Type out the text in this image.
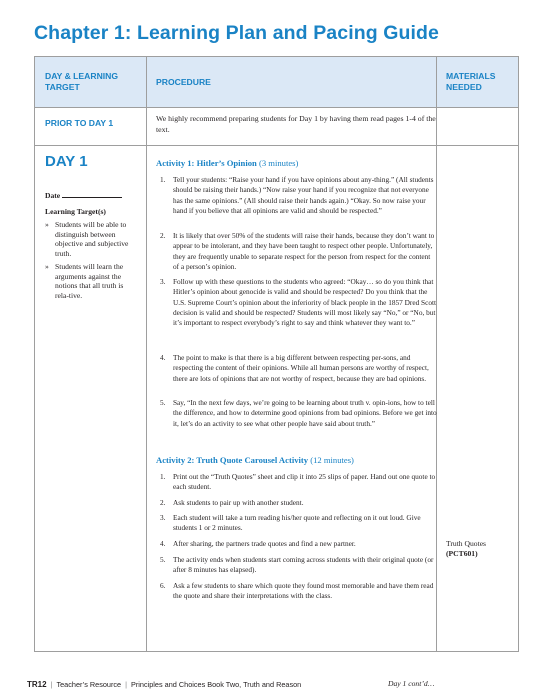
Chapter 1: Learning Plan and Pacing Guide
DAY & LEARNING TARGET
PROCEDURE
MATERIALS NEEDED
PRIOR TO DAY 1	We highly recommend preparing students for Day 1 by having them read pages 1-4 of the text.
DAY 1
Date
Learning Target(s)
» Students will be able to distinguish between objective and subjective truth.
» Students will learn the arguments against the notions that all truth is rela-tive.
Activity 1: Hitler’s Opinion (3 minutes)
1. Tell your students: “Raise your hand if you have opinions about any-thing.” (All students should be raising their hands.) “Now raise your hand if you recognize that not everyone has the same opinions.” (All should raise their hands again.) “Okay. So now raise your hand if you believe that all opinions are valid and should be respected.”
2. It is likely that over 50% of the students will raise their hands, because they don’t want to appear to be intolerant, and they have been taught to respect other people. Unfortunately, they are frequently unable to separate respect for the person from respect for the content of a person’s opinion.
3. Follow up with these questions to the students who agreed: “Okay… so do you think that Hitler’s opinion about genocide is valid and should be respected? Do you think that the U.S. Supreme Court’s opinion about the inferiority of black people in the 1857 Dred Scott decision is valid and should be respected? Students will most likely say “No,” or “No, but it’s important to respect everybody’s right to say and think whatever they want to.”
4. The point to make is that there is a big different between respecting per-sons, and respecting the content of their opinions. While all human persons are worthy of respect, there are lots of opinions that are not worthy of respect, because they are bad opinions.
5. Say, “In the next few days, we’re going to be learning about truth v. opin-ions, how to tell the difference, and how to determine good opinions from bad opinions. Before we get into it, let’s do an activity to see what other people have said about truth.”
Activity 2: Truth Quote Carousel Activity (12 minutes)
1. Print out the “Truth Quotes” sheet and clip it into 25 slips of paper. Hand out one quote to each student.
2. Ask students to pair up with another student.
3. Each student will take a turn reading his/her quote and reflecting on it out loud. Give students 1 or 2 minutes.
4. After sharing, the partners trade quotes and find a new partner.
5. The activity ends when students start coming across students with their original quote (or after 8 minutes has elapsed).
6. Ask a few students to share which quote they found most memorable and have them read the quote and share their interpretations with the class.
Truth Quotes
(PCT601)
Day 1 cont’d…
TR12 | Teacher’s Resource | Principles and Choices Book Two, Truth and Reason
